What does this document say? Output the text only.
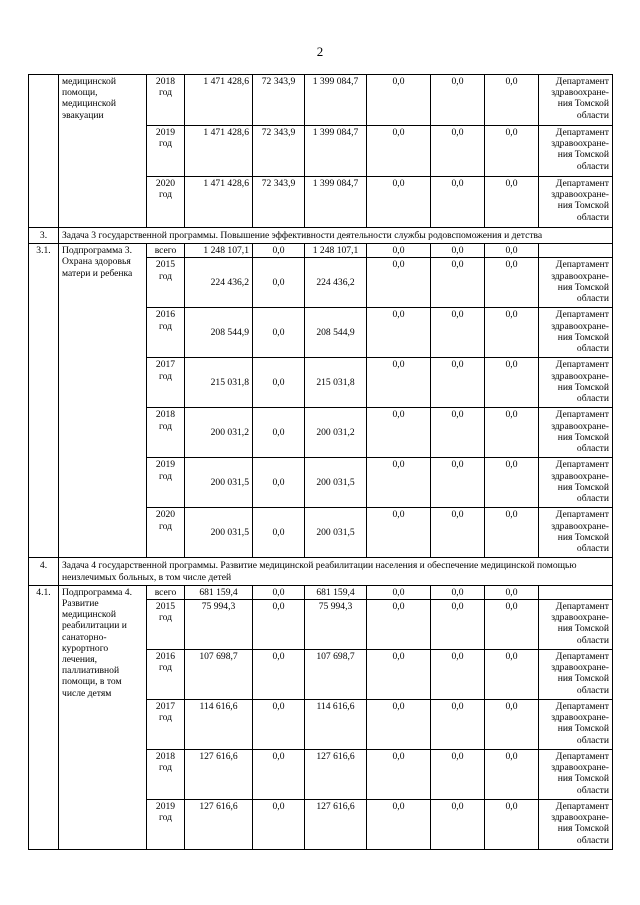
2
	медицинской помощи, медицинской эвакуации	2018 год	1 471 428,6	72 343,9	1 399 084,7	0,0	0,0	0,0	Департамент здравоохране-ния Томской области
		2019 год	1 471 428,6	72 343,9	1 399 084,7	0,0	0,0	0,0	Департамент здравоохране-ния Томской области
		2020 год	1 471 428,6	72 343,9	1 399 084,7	0,0	0,0	0,0	Департамент здравоохране-ния Томской области
3.	Задача 3 государственной программы. Повышение эффективности деятельности службы родовспоможения и детства								
3.1.	Подпрограмма 3. Охрана здоровья матери и ребенка	всего	1 248 107,1	0,0	1 248 107,1	0,0	0,0	0,0	
		2015 год	224 436,2	0,0	224 436,2	0,0	0,0	0,0	Департамент здравоохране-ния Томской области
		2016 год	208 544,9	0,0	208 544,9	0,0	0,0	0,0	Департамент здравоохране-ния Томской области
		2017 год	215 031,8	0,0	215 031,8	0,0	0,0	0,0	Департамент здравоохране-ния Томской области
		2018 год	200 031,2	0,0	200 031,2	0,0	0,0	0,0	Департамент здравоохране-ния Томской области
		2019 год	200 031,5	0,0	200 031,5	0,0	0,0	0,0	Департамент здравоохране-ния Томской области
		2020 год	200 031,5	0,0	200 031,5	0,0	0,0	0,0	Департамент здравоохране-ния Томской области
4.	Задача 4 государственной программы. Развитие медицинской реабилитации населения и обеспечение медицинской помощью неизлечимых больных, в том числе детей								
4.1.	Подпрограмма 4. Развитие медицинской реабилитации и санаторно-курортного лечения, паллиативной помощи, в том числе детям	всего	681 159,4	0,0	681 159,4	0,0	0,0	0,0	
		2015 год	75 994,3	0,0	75 994,3	0,0	0,0	0,0	Департамент здравоохране-ния Томской области
		2016 год	107 698,7	0,0	107 698,7	0,0	0,0	0,0	Департамент здравоохране-ния Томской области
		2017 год	114 616,6	0,0	114 616,6	0,0	0,0	0,0	Департамент здравоохране-ния Томской области
		2018 год	127 616,6	0,0	127 616,6	0,0	0,0	0,0	Департамент здравоохране-ния Томской области
		2019 год	127 616,6	0,0	127 616,6	0,0	0,0	0,0	Департамент здравоохране-ния Томской области
